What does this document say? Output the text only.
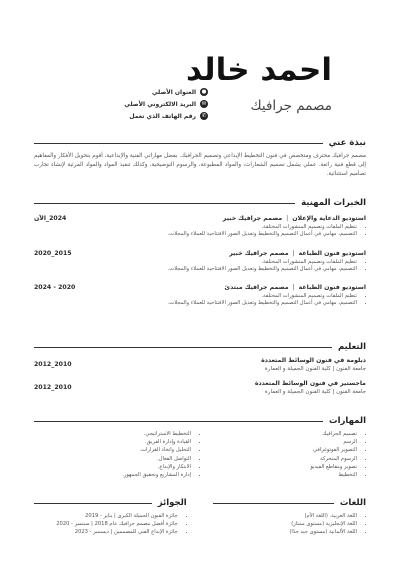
احمد خالد
مصمم جرافيك
●
العنوان الأصلي
✉
البريد الالكتروني الأصلي
✆
رقم الهاتف الذي تعمل
نبذة عني
مصمم جرافيك محترف ومتخصص في فنون التخطيط الإبداعي وتصميم الجرافيك. بفضل مهاراتي الفنية والإبداعية، أقوم بتحويل الأفكار والمفاهيم إلى قطع فنية رائعة. عملي يشمل تصميم الشعارات، والمواد المطبوعة، والرسوم التوضيحية، وكذلك تنفيذ المواد والمواد المرئية لإنشاء تجارب تصاميم استثنائية.
الخبرات المهنية
استوديو الدعاية والإعلان
|
مصمم جرافيك خبير
2024_الآن
• تنظيم الملفات وتصميم المنشورات المختلفة.
• التصميم، مهامي في أعمال التصميم والتخطيط وتعديل الصور الافتتاحية للعملاء والمجلات.
استوديو فنون الطباعة
|
مصمم جرافيك خبير
2015_2020
• تنظيم الملفات وتصميم المنشورات المختلفة.
• التصميم، مهامي في أعمال التصميم والتخطيط وتعديل الصور الافتتاحية للعملاء والمجلات.
استوديو فنون الطباعة
|
مصمم جرافيك مبتدئ
2020 - 2024
• تنظيم الملفات وتصميم المنشورات المختلفة.
• التصميم، مهامي في أعمال التصميم والتخطيط وتعديل الصور الافتتاحية للعملاء والمجلات.
التعليم
دبلومة في فنون الوسائط المتعددة
جامعة الفنون | كلية الفنون الجميلة و العمارة
2010_2012
ماجستير في فنون الوسائط المتعددة
جامعة الفنون | كلية الفنون الجميلة و العمارة
2010_2012
المهارات
• تصميم الجرافيك
• الرسم
• التصوير الفوتوغرافي
• الرسوم المتحركة
• تصوير ومقاطع الفيديو
• التخطيط
• التخطيط الاستراتيجي.
• القيادة وإدارة الفريق.
• التحليل واتخاذ القرارات.
• التواصل الفعال.
• الابتكار والإبداع.
• إدارة المشاريع وتحقيق الجمهور.
اللغات
• اللغة العربية. (اللغة الأم)
• اللغة الإنجليزية (مستوى ممتاز)
• اللغة الألمانية (مستوى جيد جدًا)
الجوائز
• جائزة الفنون الجميلة الكبرى | يناير - 2019
• جائزة أفضل مصمم جرافيك عام 2018 | سبتمبر - 2020
• جائزة الإبداع الفني للمصممين | ديسمبر - 2023
